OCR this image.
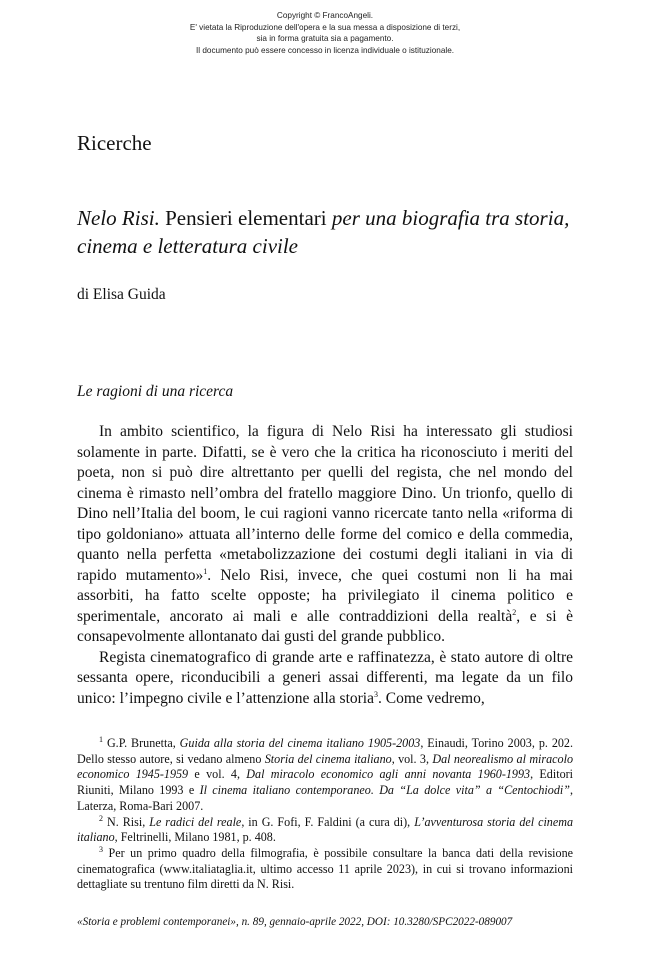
Copyright © FrancoAngeli.
E' vietata la Riproduzione dell'opera e la sua messa a disposizione di terzi,
sia in forma gratuita sia a pagamento.
Il documento può essere concesso in licenza individuale o istituzionale.
Ricerche
Nelo Risi. Pensieri elementari per una biografia tra storia, cinema e letteratura civile
di Elisa Guida
Le ragioni di una ricerca

In ambito scientifico, la figura di Nelo Risi ha interessato gli studiosi solamente in parte. Difatti, se è vero che la critica ha riconosciuto i meriti del poeta, non si può dire altrettanto per quelli del regista, che nel mondo del cinema è rimasto nell’ombra del fratello maggiore Dino. Un trionfo, quello di Dino nell’Italia del boom, le cui ragioni vanno ricercate tanto nella «riforma di tipo goldoniano» attuata all’interno delle forme del comico e della commedia, quanto nella perfetta «metabolizzazione dei costumi degli italiani in via di rapido mutamento»$^1$. Nelo Risi, invece, che quei costumi non li ha mai assorbiti, ha fatto scelte opposte; ha privilegiato il cinema politico e sperimentale, ancorato ai mali e alle contraddizioni della realtà$^2$, e si è consapevolmente allontanato dai gusti del grande pubblico.

Regista cinematografico di grande arte e raffinatezza, è stato autore di oltre sessanta opere, riconducibili a generi assai differenti, ma legate da un filo unico: l’impegno civile e l’attenzione alla storia$^3$. Come vedremo,

$^1$ G.P. Brunetta, Guida alla storia del cinema italiano 1905-2003, Einaudi, Torino 2003, p. 202. Dello stesso autore, si vedano almeno Storia del cinema italiano, vol. 3, Dal neorealismo al miracolo economico 1945-1959 e vol. 4, Dal miracolo economico agli anni novanta 1960-1993, Editori Riuniti, Milano 1993 e Il cinema italiano contemporaneo. Da “La dolce vita” a “Centochiodi”, Laterza, Roma-Bari 2007.

$^2$ N. Risi, Le radici del reale, in G. Fofi, F. Faldini (a cura di), L’avventurosa storia del cinema italiano, Feltrinelli, Milano 1981, p. 408.

$^3$ Per un primo quadro della filmografia, è possibile consultare la banca dati della revisione cinematografica (www.italiataglia.it, ultimo accesso 11 aprile 2023), in cui si trovano informazioni dettagliate su trentuno film diretti da N. Risi.

«Storia e problemi contemporanei», n. 89, gennaio-aprile 2022, DOI: 10.3280/SPC2022-089007
